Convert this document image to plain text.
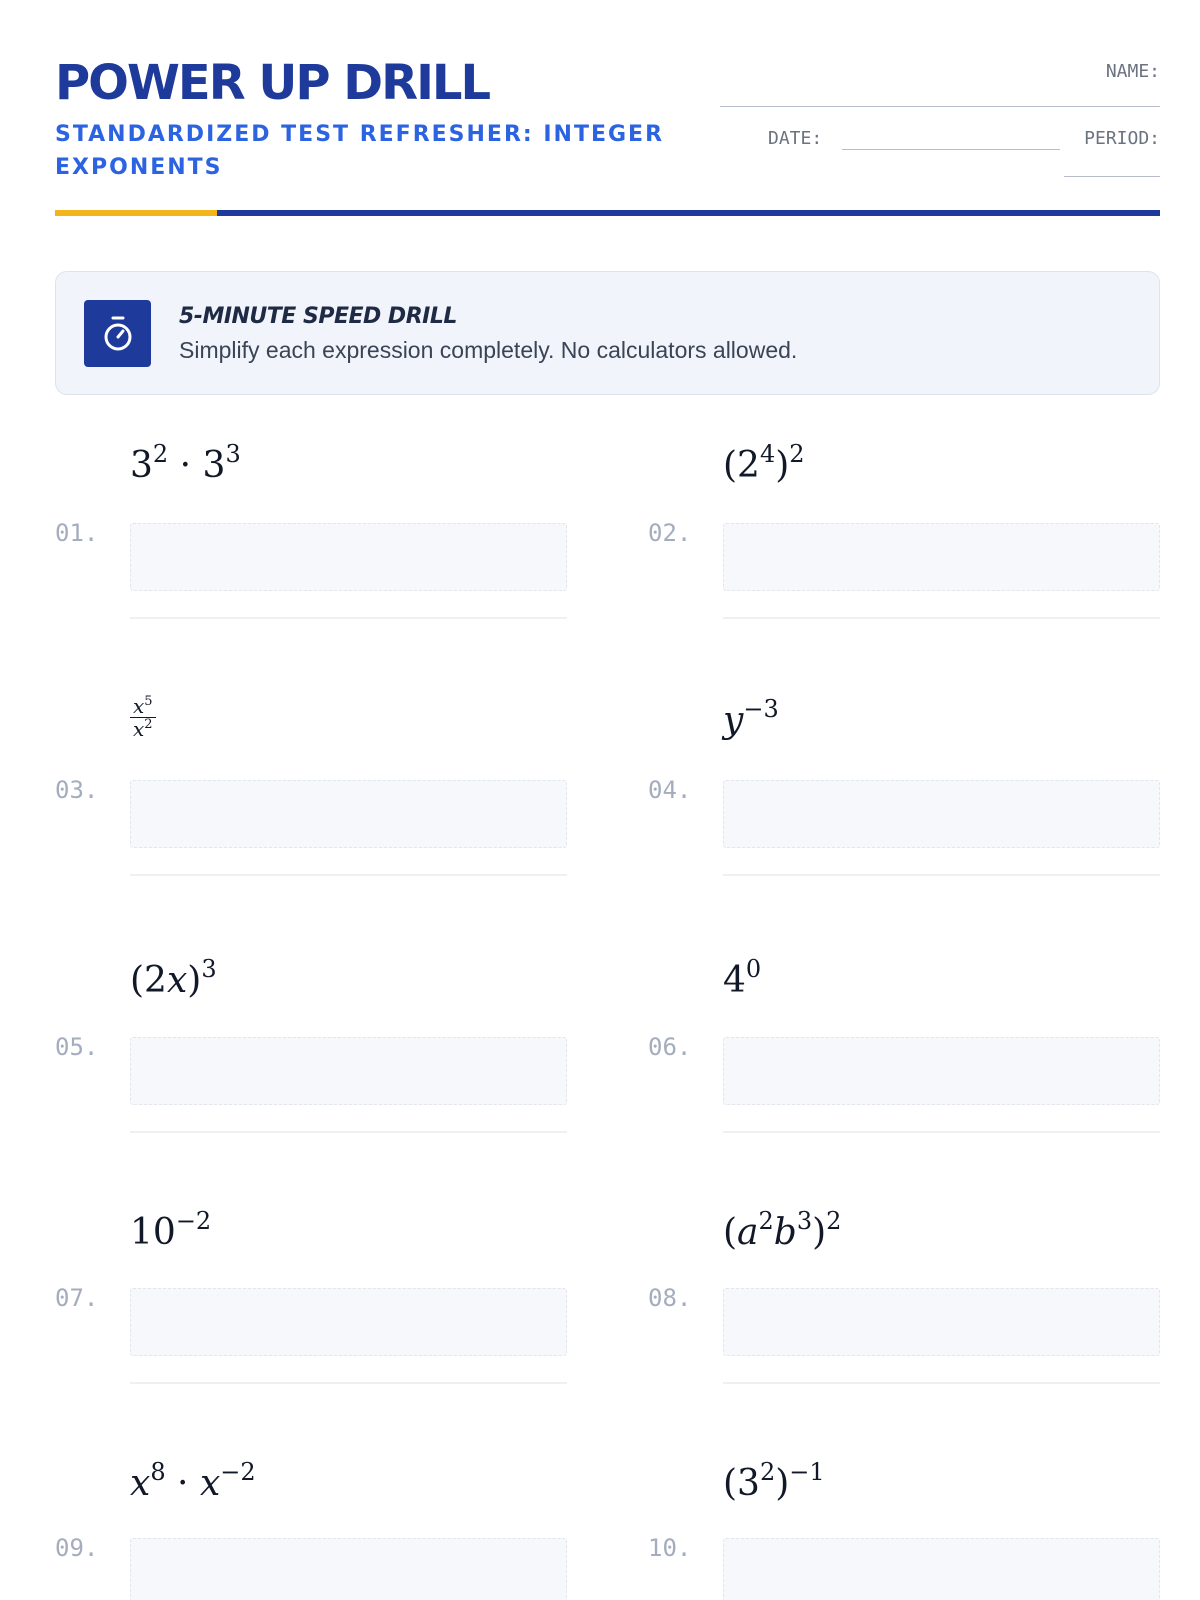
POWER UP DRILL
STANDARDIZED TEST REFRESHER: INTEGER EXPONENTS
NAME:
DATE:	PERIOD:
5-MINUTE SPEED DRILL
Simplify each expression completely. No calculators allowed.
$3^2 \cdot 3^3$
01.
$(2^4)^2$
02.
$\frac{x^5}{x^2}$
03.
$y^{-3}$
04.
$(2x)^3$
05.
$4^0$
06.
$10^{-2}$
07.
$(a^2b^3)^2$
08.
$x^8 \cdot x^{-2}$
09.
$(3^2)^{-1}$
10.
